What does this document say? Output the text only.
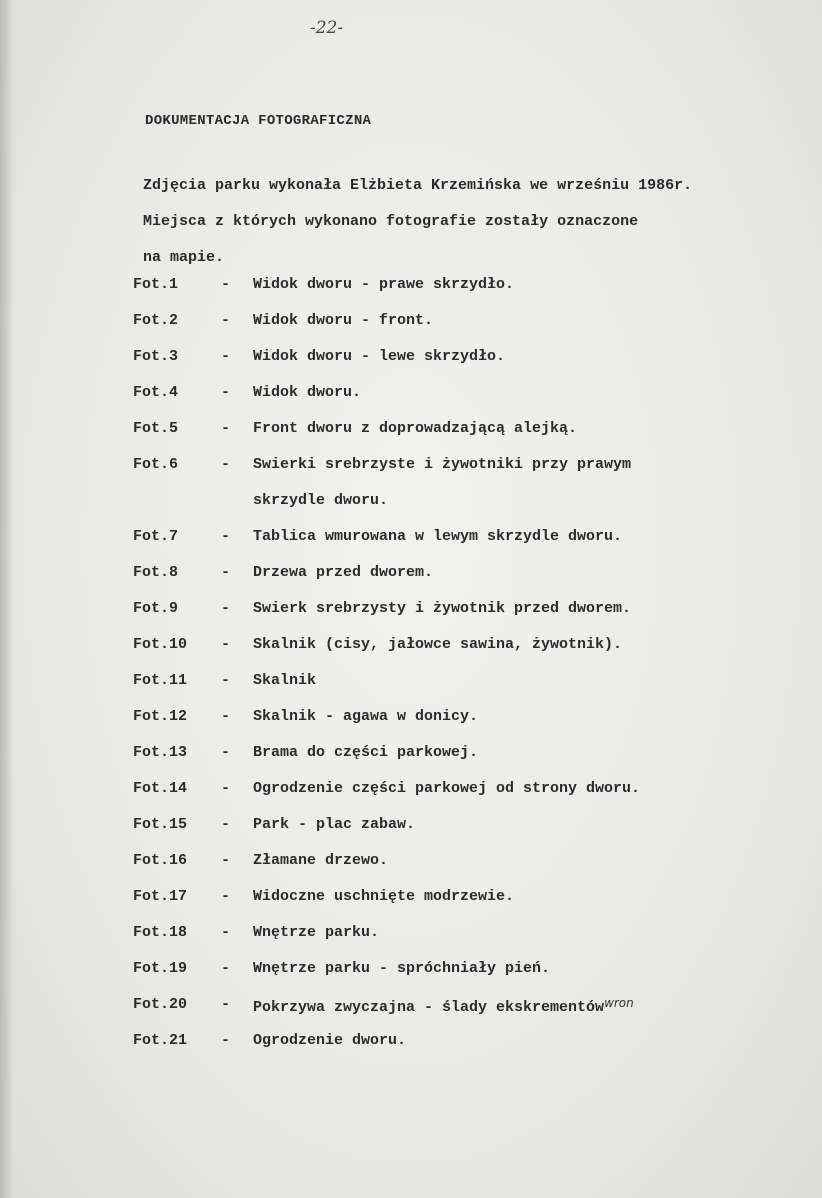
-22-
DOKUMENTACJA FOTOGRAFICZNA

Zdjęcia parku wykonała Elżbieta Krzemińska we wrześniu 1986r.

Miejsca z których wykonano fotografie zostały oznaczone

na mapie.

Fot.1	-	Widok dworu - prawe skrzydło.
Fot.2	-	Widok dworu - front.
Fot.3	-	Widok dworu - lewe skrzydło.
Fot.4	-	Widok dworu.
Fot.5	-	Front dworu z doprowadzającą alejką.
Fot.6	-	Swierki srebrzyste i żywotniki przy prawym
skrzydle dworu.
Fot.7	-	Tablica wmurowana w lewym skrzydle dworu.
Fot.8	-	Drzewa przed dworem.
Fot.9	-	Swierk srebrzysty i żywotnik przed dworem.
Fot.10	-	Skalnik (cisy, jałowce sawina, żywotnik).
Fot.11	-	Skalnik
Fot.12	-	Skalnik - agawa w donicy.
Fot.13	-	Brama do części parkowej.
Fot.14	-	Ogrodzenie części parkowej od strony dworu.
Fot.15	-	Park - plac zabaw.
Fot.16	-	Złamane drzewo.
Fot.17	-	Widoczne uschnięte modrzewie.
Fot.18	-	Wnętrze parku.
Fot.19	-	Wnętrze parku - spróchniały pień.
Fot.20	-	Pokrzywa zwyczajna - ślady ekskrementów$^{wron}$
Fot.21	-	Ogrodzenie dworu.
